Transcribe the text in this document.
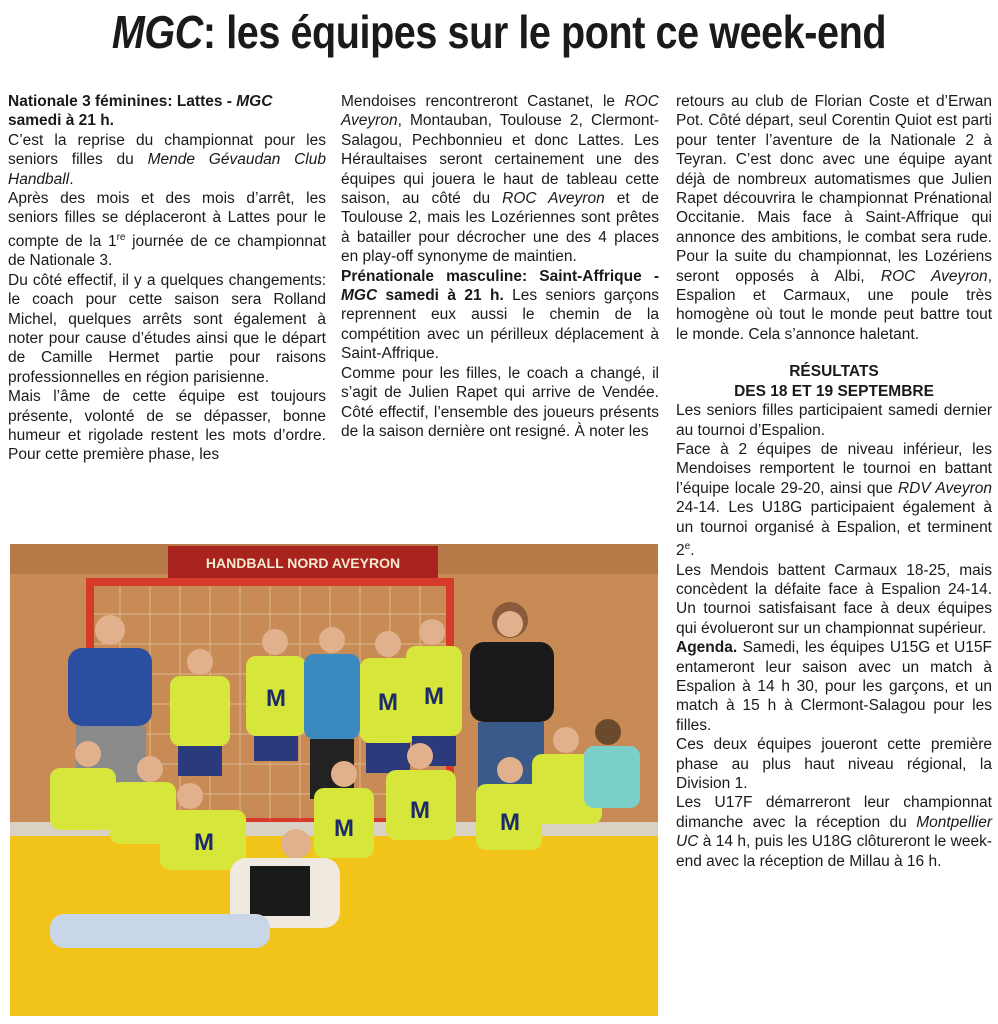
MGC: les équipes sur le pont ce week-end

Nationale 3 féminines: Lattes - MGC
samedi à 21 h.

C’est la reprise du championnat pour les seniors filles du Mende Gévaudan Club Handball.

Après des mois et des mois d’arrêt, les seniors filles se déplaceront à Lattes pour le compte de la 1re journée de ce championnat de Nationale 3.

Du côté effectif, il y a quelques changements: le coach pour cette saison sera Rolland Michel, quelques arrêts sont également à noter pour cause d’études ainsi que le départ de Camille Hermet partie pour raisons professionnelles en région parisienne.

Mais l’âme de cette équipe est toujours présente, volonté de se dépasser, bonne humeur et rigolade restent les mots d’ordre. Pour cette première phase, les

Mendoises rencontreront Castanet, le ROC Aveyron, Montauban, Toulouse 2, Clermont-Salagou, Pechbonnieu et donc Lattes. Les Héraultaises seront certainement une des équipes qui jouera le haut de tableau cette saison, au côté du ROC Aveyron et de Toulouse 2, mais les Lozériennes sont prêtes à batailler pour décrocher une des 4 places en play-off synonyme de maintien.

Prénationale masculine: Saint-Affrique - MGC samedi à 21 h. Les seniors garçons reprennent eux aussi le chemin de la compétition avec un périlleux déplacement à Saint-Affrique.

Comme pour les filles, le coach a changé, il s’agit de Julien Rapet qui arrive de Vendée. Côté effectif, l’ensemble des joueurs présents de la saison dernière ont resigné. À noter les

retours au club de Florian Coste et d’Erwan Pot. Côté départ, seul Corentin Quiot est parti pour tenter l’aventure de la Nationale 2 à Teyran. C’est donc avec une équipe ayant déjà de nombreux automatismes que Julien Rapet découvrira le championnat Prénational Occitanie. Mais face à Saint-Affrique qui annonce des ambitions, le combat sera rude. Pour la suite du championnat, les Lozériens seront opposés à Albi, ROC Aveyron, Espalion et Carmaux, une poule très homogène où tout le monde peut battre tout le monde. Cela s’annonce haletant.

RÉSULTATS
DES 18 ET 19 SEPTEMBRE

Les seniors filles participaient samedi dernier au tournoi d’Espalion.

Face à 2 équipes de niveau inférieur, les Mendoises remportent le tournoi en battant l’équipe locale 29-20, ainsi que RDV Aveyron 24-14. Les U18G participaient également à un tournoi organisé à Espalion, et terminent 2e.

Les Mendois battent Carmaux 18-25, mais concèdent la défaite face à Espalion 24-14. Un tournoi satisfaisant face à deux équipes qui évolueront sur un championnat supérieur.

Agenda. Samedi, les équipes U15G et U15F entameront leur saison avec un match à Espalion à 14 h 30, pour les garçons, et un match à 15 h à Clermont-Salagou pour les filles.

Ces deux équipes joueront cette première phase au plus haut niveau régional, la Division 1.

Les U17F démarreront leur championnat dimanche avec la réception du Montpellier UC à 14 h, puis les U18G clôtureront le week-end avec la réception de Millau à 16 h.

HANDBALL NORD AVEYRON
M	M M
M
M
M	M
